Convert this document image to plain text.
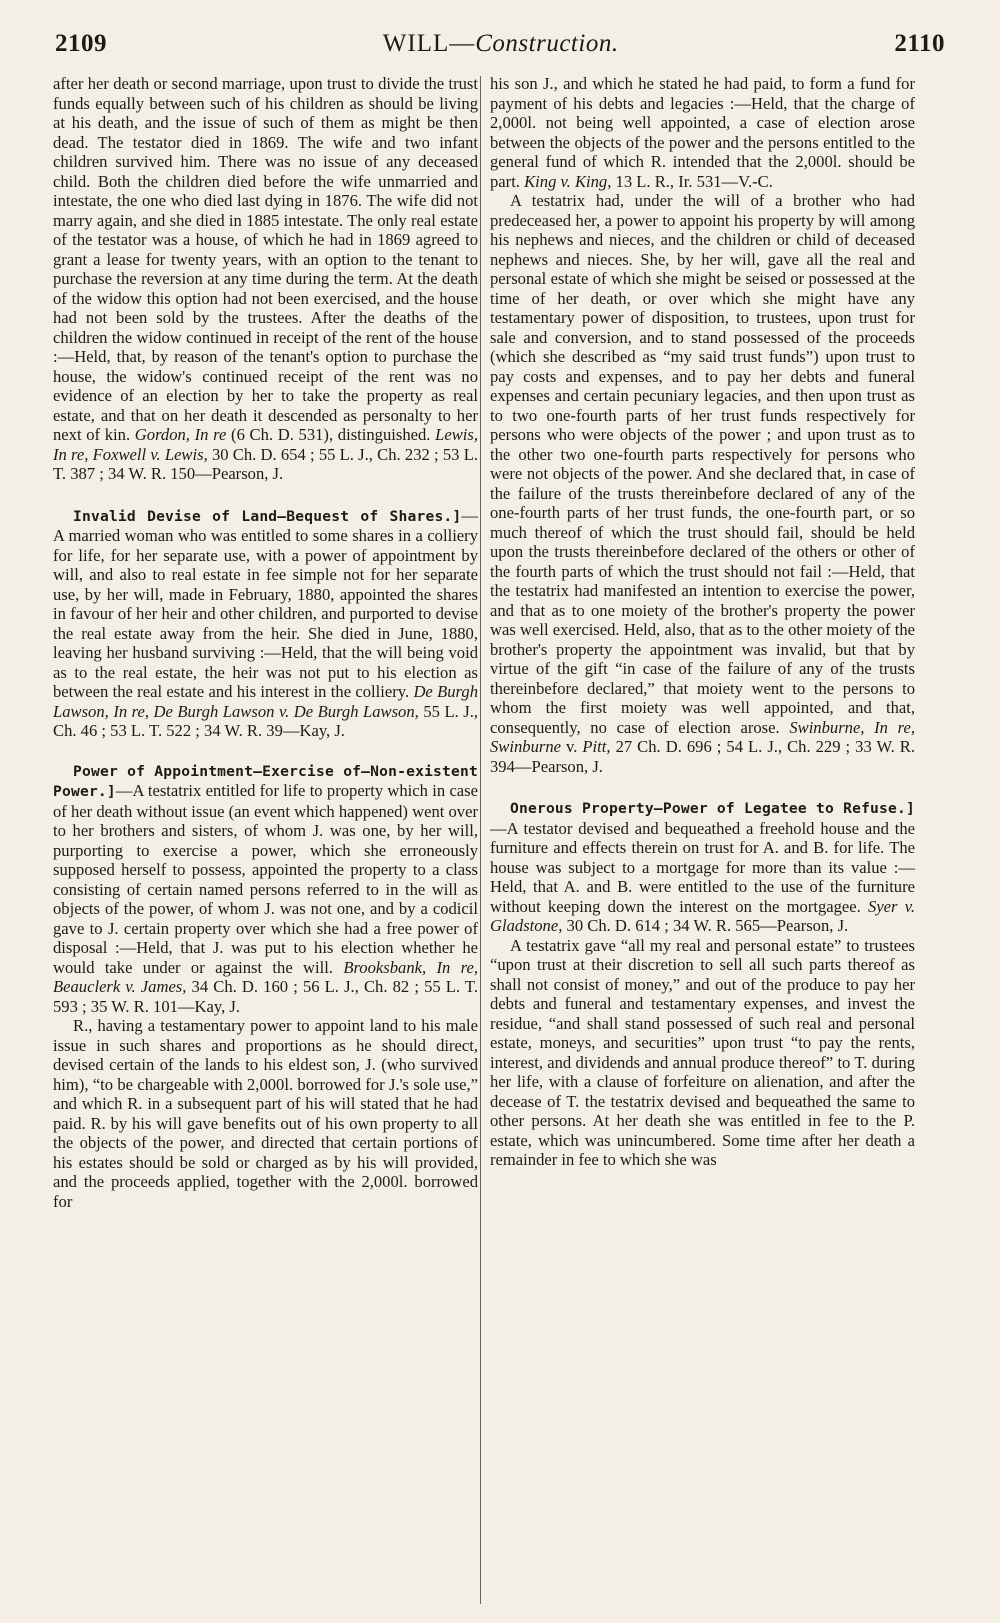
2109	WILL—Construction.	2110

after her death or second marriage, upon trust to divide the trust funds equally between such of his children as should be living at his death, and the issue of such of them as might be then dead. The testator died in 1869. The wife and two infant children survived him. There was no issue of any deceased child. Both the children died before the wife unmarried and intestate, the one who died last dying in 1876. The wife did not marry again, and she died in 1885 intestate. The only real estate of the testator was a house, of which he had in 1869 agreed to grant a lease for twenty years, with an option to the tenant to purchase the reversion at any time during the term. At the death of the widow this option had not been exercised, and the house had not been sold by the trustees. After the deaths of the children the widow continued in receipt of the rent of the house :—Held, that, by reason of the tenant's option to purchase the house, the widow's continued receipt of the rent was no evidence of an election by her to take the property as real estate, and that on her death it descended as personalty to her next of kin. Gordon, In re (6 Ch. D. 531), distinguished. Lewis, In re, Foxwell v. Lewis, 30 Ch. D. 654 ; 55 L. J., Ch. 232 ; 53 L. T. 387 ; 34 W. R. 150—Pearson, J.

Invalid Devise of Land—Bequest of Shares.]—A married woman who was entitled to some shares in a colliery for life, for her separate use, with a power of appointment by will, and also to real estate in fee simple not for her separate use, by her will, made in February, 1880, appointed the shares in favour of her heir and other children, and purported to devise the real estate away from the heir. She died in June, 1880, leaving her husband surviving :—Held, that the will being void as to the real estate, the heir was not put to his election as between the real estate and his interest in the colliery. De Burgh Lawson, In re, De Burgh Lawson v. De Burgh Lawson, 55 L. J., Ch. 46 ; 53 L. T. 522 ; 34 W. R. 39—Kay, J.

Power of Appointment—Exercise of—Non-existent Power.]—A testatrix entitled for life to property which in case of her death without issue (an event which happened) went over to her brothers and sisters, of whom J. was one, by her will, purporting to exercise a power, which she erroneously supposed herself to possess, appointed the property to a class consisting of certain named persons referred to in the will as objects of the power, of whom J. was not one, and by a codicil gave to J. certain property over which she had a free power of disposal :—Held, that J. was put to his election whether he would take under or against the will. Brooksbank, In re, Beauclerk v. James, 34 Ch. D. 160 ; 56 L. J., Ch. 82 ; 55 L. T. 593 ; 35 W. R. 101—Kay, J.

R., having a testamentary power to appoint land to his male issue in such shares and proportions as he should direct, devised certain of the lands to his eldest son, J. (who survived him), “to be chargeable with 2,000l. borrowed for J.'s sole use,” and which R. in a subsequent part of his will stated that he had paid. R. by his will gave benefits out of his own property to all the objects of the power, and directed that certain portions of his estates should be sold or charged as by his will provided, and the proceeds applied, together with the 2,000l. borrowed for

his son J., and which he stated he had paid, to form a fund for payment of his debts and legacies :—Held, that the charge of 2,000l. not being well appointed, a case of election arose between the objects of the power and the persons entitled to the general fund of which R. intended that the 2,000l. should be part. King v. King, 13 L. R., Ir. 531—V.-C.

A testatrix had, under the will of a brother who had predeceased her, a power to appoint his property by will among his nephews and nieces, and the children or child of deceased nephews and nieces. She, by her will, gave all the real and personal estate of which she might be seised or possessed at the time of her death, or over which she might have any testamentary power of disposition, to trustees, upon trust for sale and conversion, and to stand possessed of the proceeds (which she described as “my said trust funds”) upon trust to pay costs and expenses, and to pay her debts and funeral expenses and certain pecuniary legacies, and then upon trust as to two one-fourth parts of her trust funds respectively for persons who were objects of the power ; and upon trust as to the other two one-fourth parts respectively for persons who were not objects of the power. And she declared that, in case of the failure of the trusts thereinbefore declared of any of the one-fourth parts of her trust funds, the one-fourth part, or so much thereof of which the trust should fail, should be held upon the trusts thereinbefore declared of the others or other of the fourth parts of which the trust should not fail :—Held, that the testatrix had manifested an intention to exercise the power, and that as to one moiety of the brother's property the power was well exercised. Held, also, that as to the other moiety of the brother's property the appointment was invalid, but that by virtue of the gift “in case of the failure of any of the trusts thereinbefore declared,” that moiety went to the persons to whom the first moiety was well appointed, and that, consequently, no case of election arose. Swinburne, In re, Swinburne v. Pitt, 27 Ch. D. 696 ; 54 L. J., Ch. 229 ; 33 W. R. 394—Pearson, J.

Onerous Property—Power of Legatee to Refuse.]—A testator devised and bequeathed a freehold house and the furniture and effects therein on trust for A. and B. for life. The house was subject to a mortgage for more than its value :—Held, that A. and B. were entitled to the use of the furniture without keeping down the interest on the mortgagee. Syer v. Gladstone, 30 Ch. D. 614 ; 34 W. R. 565—Pearson, J.

A testatrix gave “all my real and personal estate” to trustees “upon trust at their discretion to sell all such parts thereof as shall not consist of money,” and out of the produce to pay her debts and funeral and testamentary expenses, and invest the residue, “and shall stand possessed of such real and personal estate, moneys, and securities” upon trust “to pay the rents, interest, and dividends and annual produce thereof” to T. during her life, with a clause of forfeiture on alienation, and after the decease of T. the testatrix devised and bequeathed the same to other persons. At her death she was entitled in fee to the P. estate, which was unincumbered. Some time after her death a remainder in fee to which she was
